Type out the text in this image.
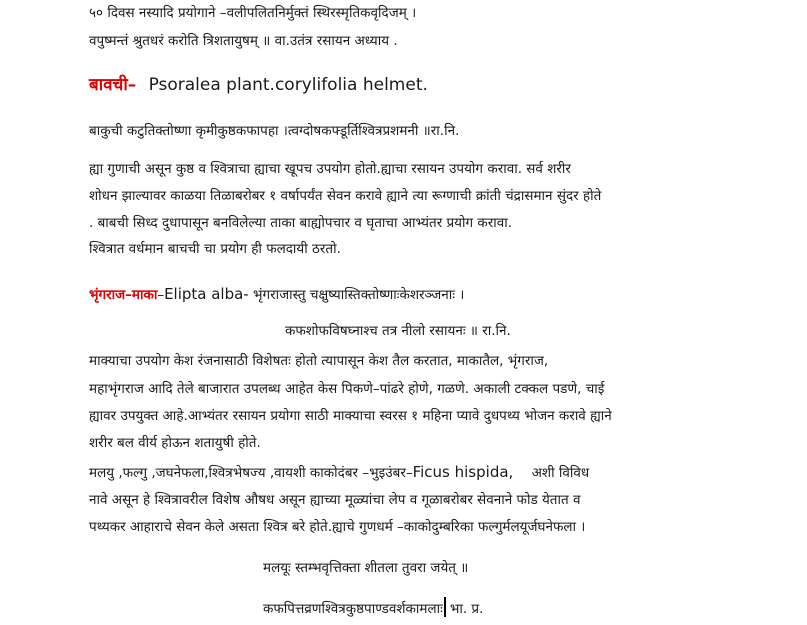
५० दिवस नस्यादि प्रयोगाने –वलीपलितनिर्मुक्तं स्थिरस्मृतिकवृदिजम् ।

वपुष्मन्तं श्रुतधरं करोति त्रिशतायुषम् ॥ वा.उतंत्र रसायन अध्याय .

बावची– Psoralea plant.corylifolia helmet.

बाकुची कटुतिक्तोष्णा कृमीकुष्ठकफापहा ।त्वग्दोषकफ्डूर्तिश्वित्रप्रशमनी ॥रा.नि.

ह्या गुणाची असून कुष्ठ व श्वित्राचा ह्याचा खूपच उपयोग होतो.ह्याचा रसायन उपयोग करावा. सर्व शरीर

शोधन झाल्यावर काळया तिळाबरोबर १ वर्षापर्यंत सेवन करावे ह्याने त्या रूग्णाची क्रांती चंद्रासमान सुंदर होते

. बाबची सिध्द दुधापासून बनविलेल्या ताका बाह्योपचार व घृताचा आभ्यंतर प्रयोग करावा.

श्वित्रात वर्धमान बाचची चा प्रयोग ही फलदायी ठरतो.

भृंगराज–माका–Elipta alba- भृंगराजास्तु चक्षुष्यास्तिक्तोष्णाःकेशरञ्जनाः ।

कफशोफविषघ्नाश्च तत्र नीलो रसायनः ॥ रा.नि.

माक्याचा उपयोग केश रंजनासाठी विशेषतः होतो त्यापासून केश तैल करतात, माकातैल, भृंगराज,

महाभृंगराज आदि तेले बाजारात उपलब्ध आहेत केस पिकणे–पांढरे होणे, गळणे. अकाली टक्कल पडणे, चाई

ह्यावर उपयुक्त आहे.आभ्यंतर रसायन प्रयोगा साठी माक्याचा स्वरस १ महिना प्यावे दुधपथ्य भोजन करावे ह्याने

शरीर बल वीर्य होऊन शतायुषी होते.

मलयु ,फल्गु ,जघनेफला,श्वित्रभेषज्य ,वायशी काकोदंबर –भुइउंबर–Ficus hispida, अशी विविध

नावे असून हे श्वित्रावरील विशेष औषध असून ह्याच्या मूळ्यांचा लेप व गूळाबरोबर सेवनाने फोड येतात व

पथ्यकर आहाराचे सेवन केले असता श्वित्र बरे होते.ह्याचे गुणधर्म –काकोदुम्बरिका फल्गुर्मलयूर्जघनेफला ।

मलयूः स्तम्भवृत्तिक्ता शीतला तुवरा जयेत् ॥

कफपित्तव्रणश्वित्रकुष्ठपाण्डवर्शकामलाः भा. प्र.
